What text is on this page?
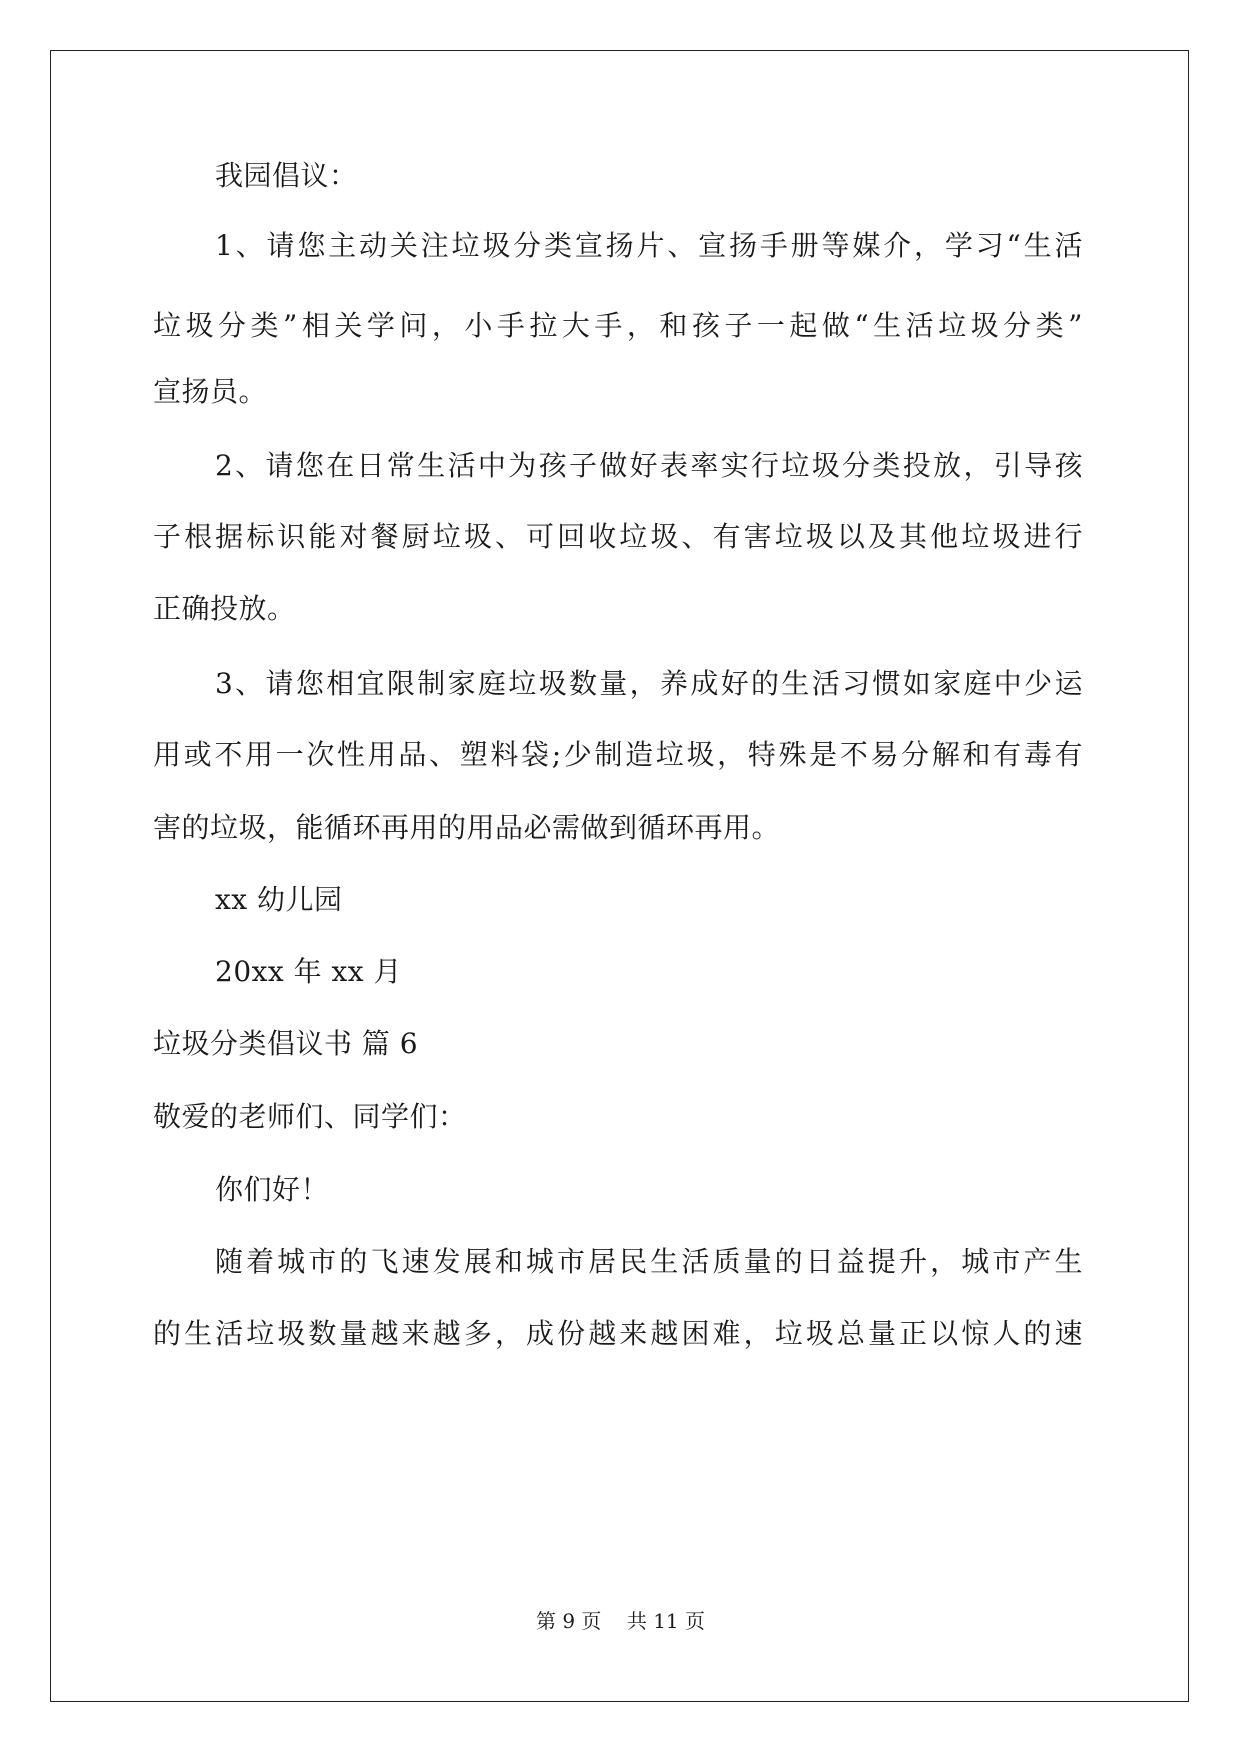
我园倡议：
1、请您主动关注垃圾分类宣扬片、宣扬手册等媒介，学习“生活
垃圾分类”相关学问，小手拉大手，和孩子一起做“生活垃圾分类”
宣扬员。
2、请您在日常生活中为孩子做好表率实行垃圾分类投放，引导孩
子根据标识能对餐厨垃圾、可回收垃圾、有害垃圾以及其他垃圾进行
正确投放。
3、请您相宜限制家庭垃圾数量，养成好的生活习惯如家庭中少运
用或不用一次性用品、塑料袋;少制造垃圾，特殊是不易分解和有毒有
害的垃圾，能循环再用的用品必需做到循环再用。
xx 幼儿园
20xx 年 xx 月
垃圾分类倡议书 篇 6
敬爱的老师们、同学们：
你们好！
随着城市的飞速发展和城市居民生活质量的日益提升，城市产生
的生活垃圾数量越来越多，成份越来越困难，垃圾总量正以惊人的速
第 9 页    共 11 页
